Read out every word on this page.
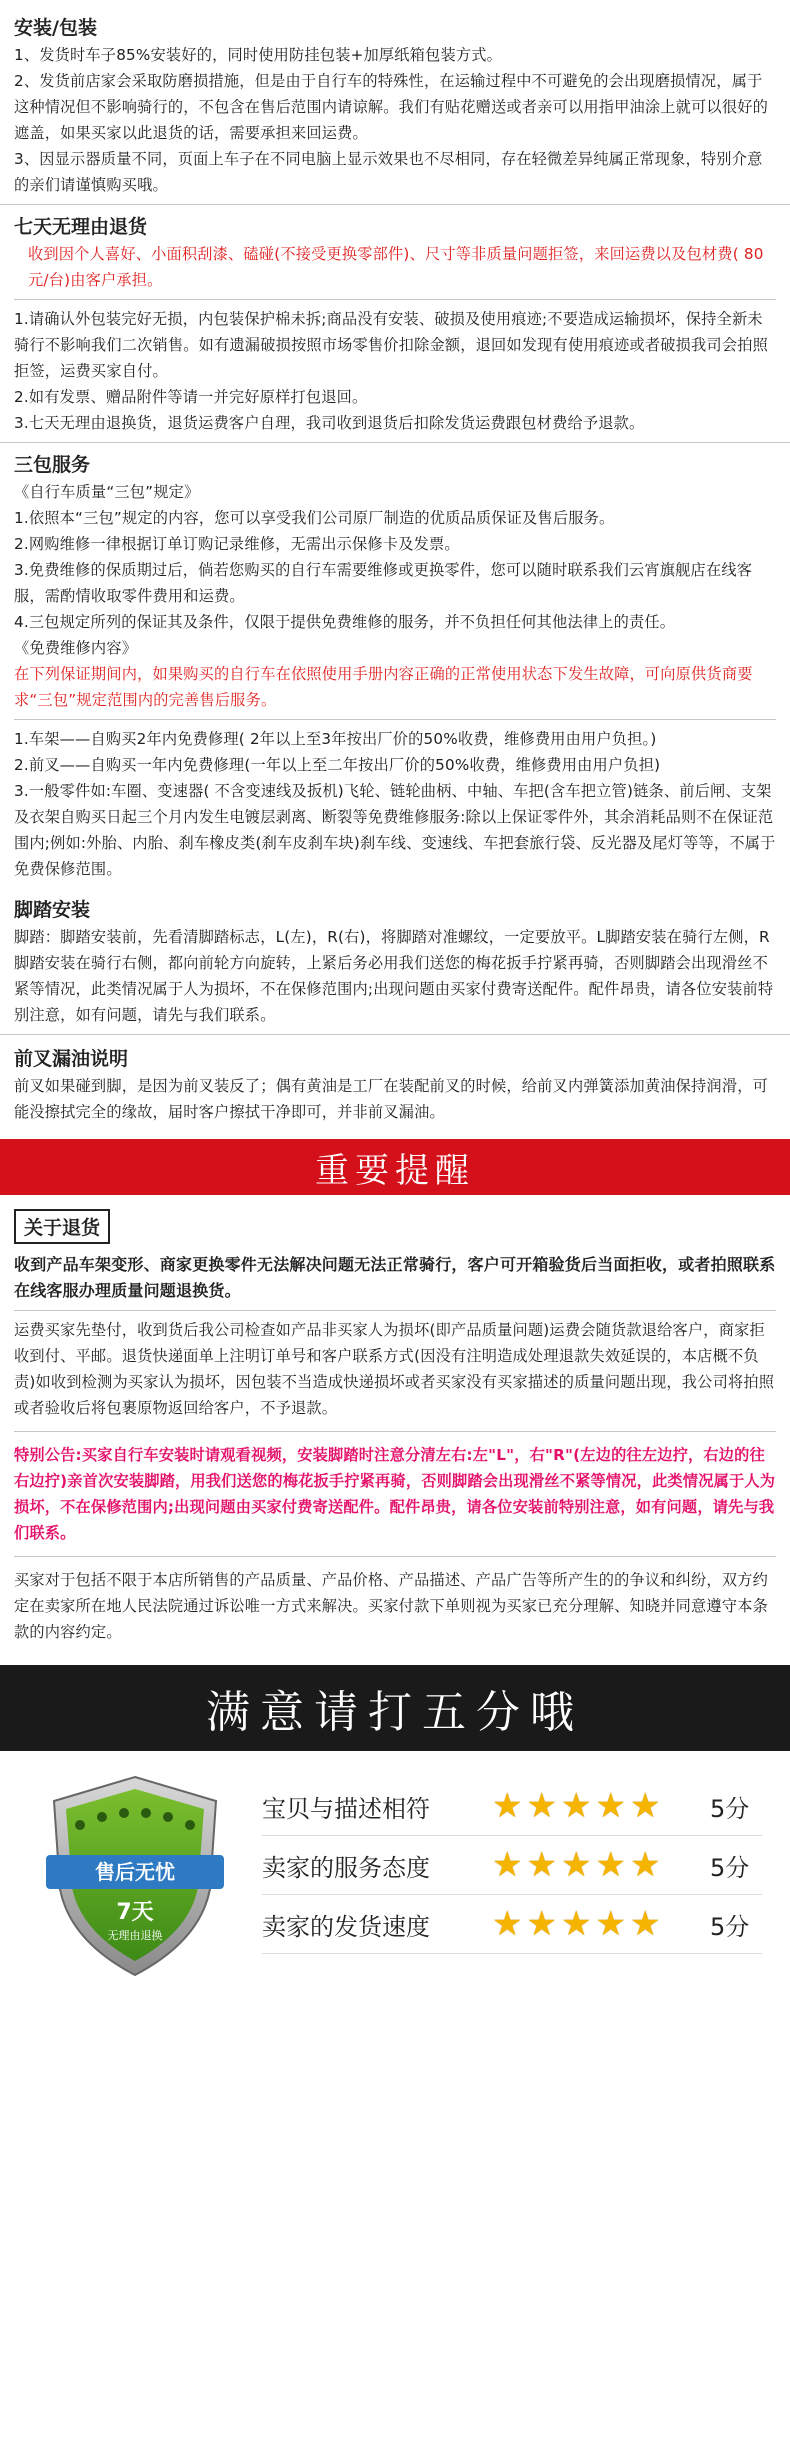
安装/包装

1、发货时车子85%安装好的，同时使用防挂包装+加厚纸箱包装方式。

2、发货前店家会采取防磨损措施，但是由于自行车的特殊性，在运输过程中不可避免的会出现磨损情况，属于这种情况但不影响骑行的，不包含在售后范围内请谅解。我们有贴花赠送或者亲可以用指甲油涂上就可以很好的遮盖，如果买家以此退货的话，需要承担来回运费。

3、因显示器质量不同，页面上车子在不同电脑上显示效果也不尽相同，存在轻微差异纯属正常现象，特别介意的亲们请谨慎购买哦。

七天无理由退货

收到因个人喜好、小面积刮漆、磕碰(不接受更换零部件)、尺寸等非质量问题拒签，来回运费以及包材费( 80元/台)由客户承担。

1.请确认外包装完好无损，内包装保护棉未拆;商品没有安装、破损及使用痕迹;不要造成运输损坏，保持全新未骑行不影响我们二次销售。如有遗漏破损按照市场零售价扣除金额，退回如发现有使用痕迹或者破损我司会拍照拒签，运费买家自付。

2.如有发票、赠品附件等请一并完好原样打包退回。

3.七天无理由退换货，退货运费客户自理，我司收到退货后扣除发货运费跟包材费给予退款。

三包服务

《自行车质量“三包”规定》

1.依照本“三包”规定的内容，您可以享受我们公司原厂制造的优质品质保证及售后服务。

2.网购维修一律根据订单订购记录维修，无需出示保修卡及发票。

3.免费维修的保质期过后，倘若您购买的自行车需要维修或更换零件，您可以随时联系我们云宵旗舰店在线客服，需酌情收取零件费用和运费。

4.三包规定所列的保证其及条件，仅限于提供免费维修的服务，并不负担任何其他法律上的责任。

《免费维修内容》

在下列保证期间内，如果购买的自行车在依照使用手册内容正确的正常使用状态下发生故障，可向原供货商要求“三包”规定范围内的完善售后服务。

1.车架——自购买2年内免费修理( 2年以上至3年按出厂价的50%收费，维修费用由用户负担。)

2.前叉——自购买一年内免费修理(一年以上至二年按出厂价的50%收费，维修费用由用户负担)

3.一般零件如:车圈、变速器( 不含变速线及扳机)飞轮、链轮曲柄、中轴、车把(含车把立管)链条、前后闸、支架及衣架自购买日起三个月内发生电镀层剥离、断裂等免费维修服务:除以上保证零件外，其余消耗品则不在保证范围内;例如:外胎、内胎、刹车橡皮类(刹车皮刹车块)刹车线、变速线、车把套旅行袋、反光器及尾灯等等，不属于免费保修范围。

脚踏安装

脚踏：脚踏安装前，先看清脚踏标志，L(左)，R(右)，将脚踏对准螺纹，一定要放平。L脚踏安装在骑行左侧，R脚踏安装在骑行右侧，都向前轮方向旋转，上紧后务必用我们送您的梅花扳手拧紧再骑，否则脚踏会出现滑丝不紧等情况，此类情况属于人为损坏，不在保修范围内;出现问题由买家付费寄送配件。配件昂贵，请各位安装前特别注意，如有问题，请先与我们联系。

前叉漏油说明

前叉如果碰到脚，是因为前叉装反了；偶有黄油是工厂在装配前叉的时候，给前叉内弹簧添加黄油保持润滑，可能没擦拭完全的缘故，届时客户擦拭干净即可，并非前叉漏油。

重要提醒
关于退货

收到产品车架变形、商家更换零件无法解决问题无法正常骑行，客户可开箱验货后当面拒收，或者拍照联系在线客服办理质量问题退换货。

运费买家先垫付，收到货后我公司检查如产品非买家人为损坏(即产品质量问题)运费会随货款退给客户，商家拒收到付、平邮。退货快递面单上注明订单号和客户联系方式(因没有注明造成处理退款失效延误的，本店概不负责)如收到检测为买家认为损坏，因包装不当造成快递损坏或者买家没有买家描述的质量问题出现，我公司将拍照或者验收后将包裹原物返回给客户，不予退款。

特别公告:买家自行车安装时请观看视频，安装脚踏时注意分清左右:左"L"，右"R"(左边的往左边拧，右边的往右边拧)亲首次安装脚踏，用我们送您的梅花扳手拧紧再骑，否则脚踏会出现滑丝不紧等情况，此类情况属于人为损坏，不在保修范围内;出现问题由买家付费寄送配件。配件昂贵，请各位安装前特别注意，如有问题，请先与我们联系。

买家对于包括不限于本店所销售的产品质量、产品价格、产品描述、产品广告等所产生的的争议和纠纷，双方约定在卖家所在地人民法院通过诉讼唯一方式来解决。买家付款下单则视为买家已充分理解、知晓并同意遵守本条款的内容约定。

满意请打五分哦
售后无忧
7天
无理由退换
宝贝与描述相符	★ ★ ★ ★ ★ 5分
卖家的服务态度	★ ★ ★ ★ ★ 5分
卖家的发货速度	★ ★ ★ ★ ★ 5分
